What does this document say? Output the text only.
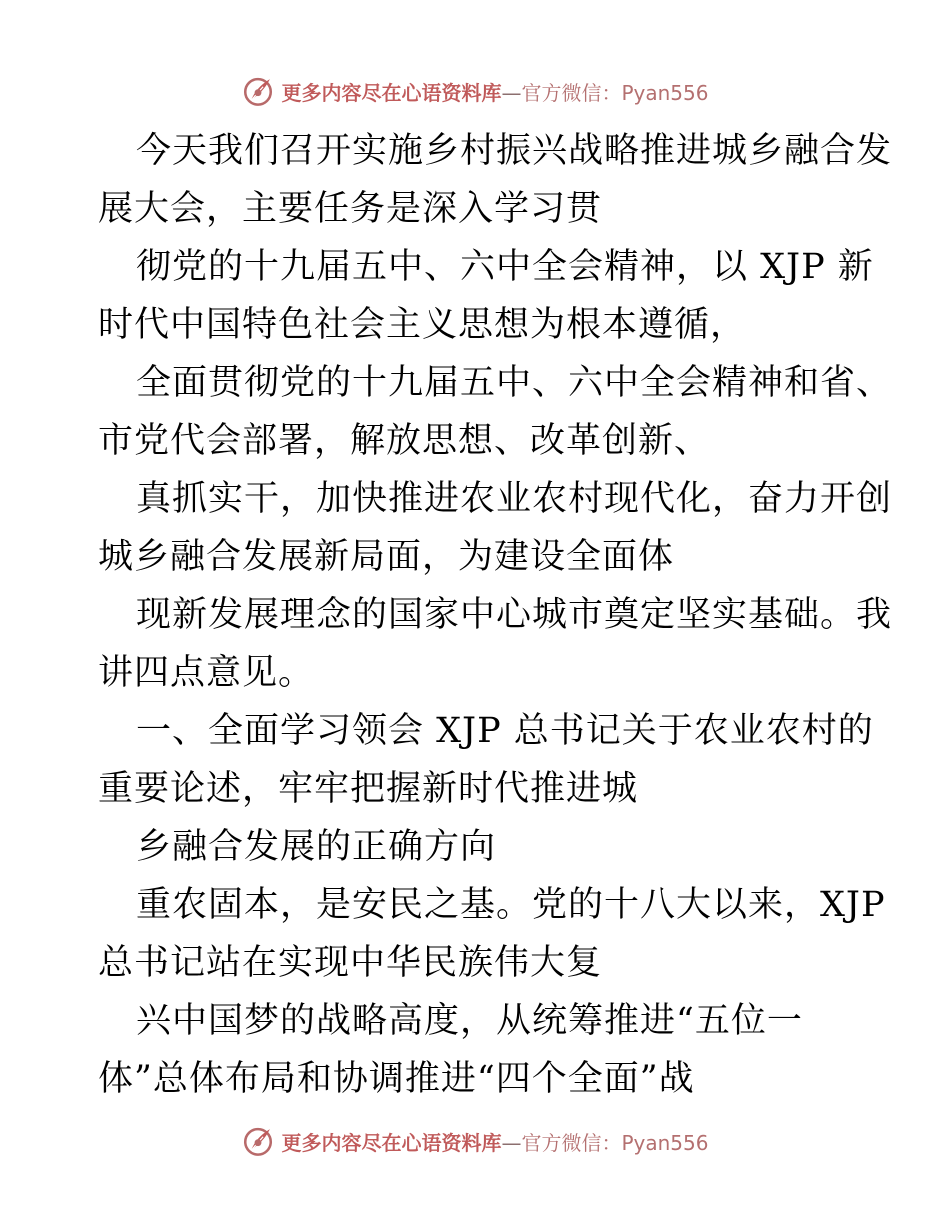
更多内容尽在心语资料库—官方微信：Pyan556
今天我们召开实施乡村振兴战略推进城乡融合发
展大会，主要任务是深入学习贯
彻党的十九届五中、六中全会精神，以 XJP 新
时代中国特色社会主义思想为根本遵循，
全面贯彻党的十九届五中、六中全会精神和省、
市党代会部署，解放思想、改革创新、
真抓实干，加快推进农业农村现代化，奋力开创
城乡融合发展新局面，为建设全面体
现新发展理念的国家中心城市奠定坚实基础。我
讲四点意见。
一、全面学习领会 XJP 总书记关于农业农村的
重要论述，牢牢把握新时代推进城
乡融合发展的正确方向
重农固本，是安民之基。党的十八大以来，XJP
总书记站在实现中华民族伟大复
兴中国梦的战略高度，从统筹推进“五位一
体”总体布局和协调推进“四个全面”战
更多内容尽在心语资料库—官方微信：Pyan556
